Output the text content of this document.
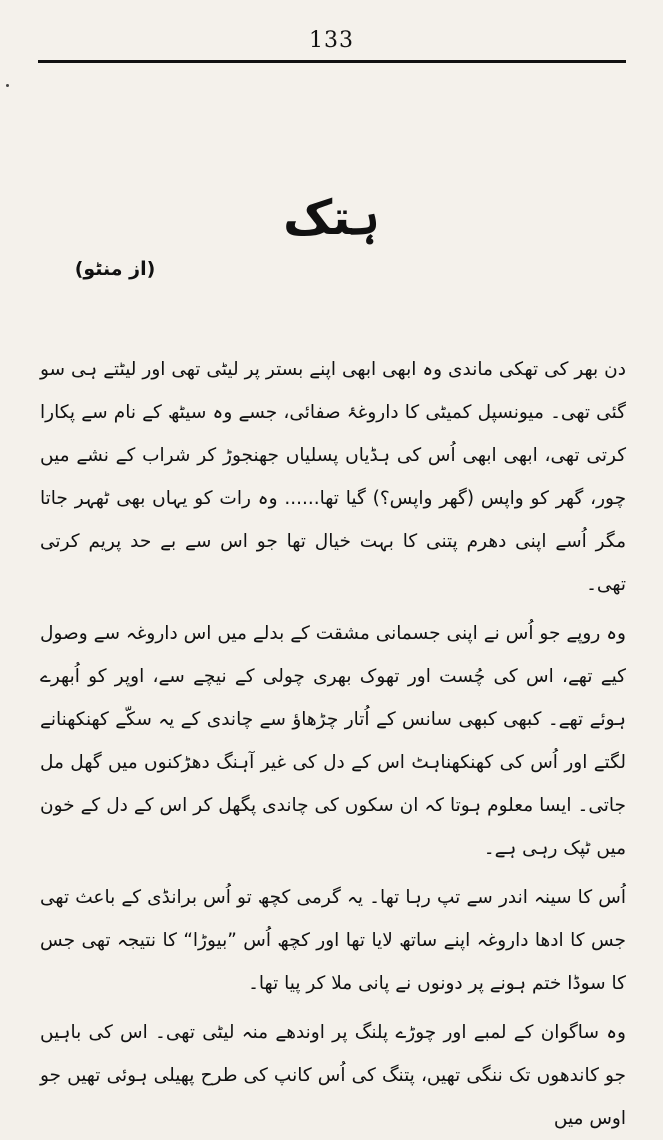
133
ہتک
(از منٹو)

دن بھر کی تھکی ماندی وہ ابھی ابھی اپنے بستر پر لیٹی تھی اور لیٹتے ہی سو گئی تھی۔ میونسپل کمیٹی کا داروغۂ صفائی، جسے وہ سیٹھ کے نام سے پکارا کرتی تھی، ابھی ابھی اُس کی ہڈیاں پسلیاں جھنجوڑ کر شراب کے نشے میں چور، گھر کو واپس (گھر واپس؟) گیا تھا...... وہ رات کو یہاں بھی ٹھہر جاتا مگر اُسے اپنی دھرم پتنی کا بہت خیال تھا جو اس سے بے حد پریم کرتی تھی۔

وہ روپے جو اُس نے اپنی جسمانی مشقت کے بدلے میں اس داروغہ سے وصول کیے تھے، اس کی چُست اور تھوک بھری چولی کے نیچے سے، اوپر کو اُبھرے ہوئے تھے۔ کبھی کبھی سانس کے اُتار چڑھاؤ سے چاندی کے یہ سکّے کھنکھنانے لگتے اور اُس کی کھنکھناہٹ اس کے دل کی غیر آہنگ دھڑکنوں میں گھل مل جاتی۔ ایسا معلوم ہوتا کہ ان سکوں کی چاندی پگھل کر اس کے دل کے خون میں ٹپک رہی ہے۔

اُس کا سینہ اندر سے تپ رہا تھا۔ یہ گرمی کچھ تو اُس برانڈی کے باعث تھی جس کا ادھا داروغہ اپنے ساتھ لایا تھا اور کچھ اُس ”بیوڑا“ کا نتیجہ تھی جس کا سوڈا ختم ہونے پر دونوں نے پانی ملا کر پیا تھا۔

وہ ساگوان کے لمبے اور چوڑے پلنگ پر اوندھے منہ لیٹی تھی۔ اس کی باہیں جو کاندھوں تک ننگی تھیں، پتنگ کی اُس کانپ کی طرح پھیلی ہوئی تھیں جو اوس میں
